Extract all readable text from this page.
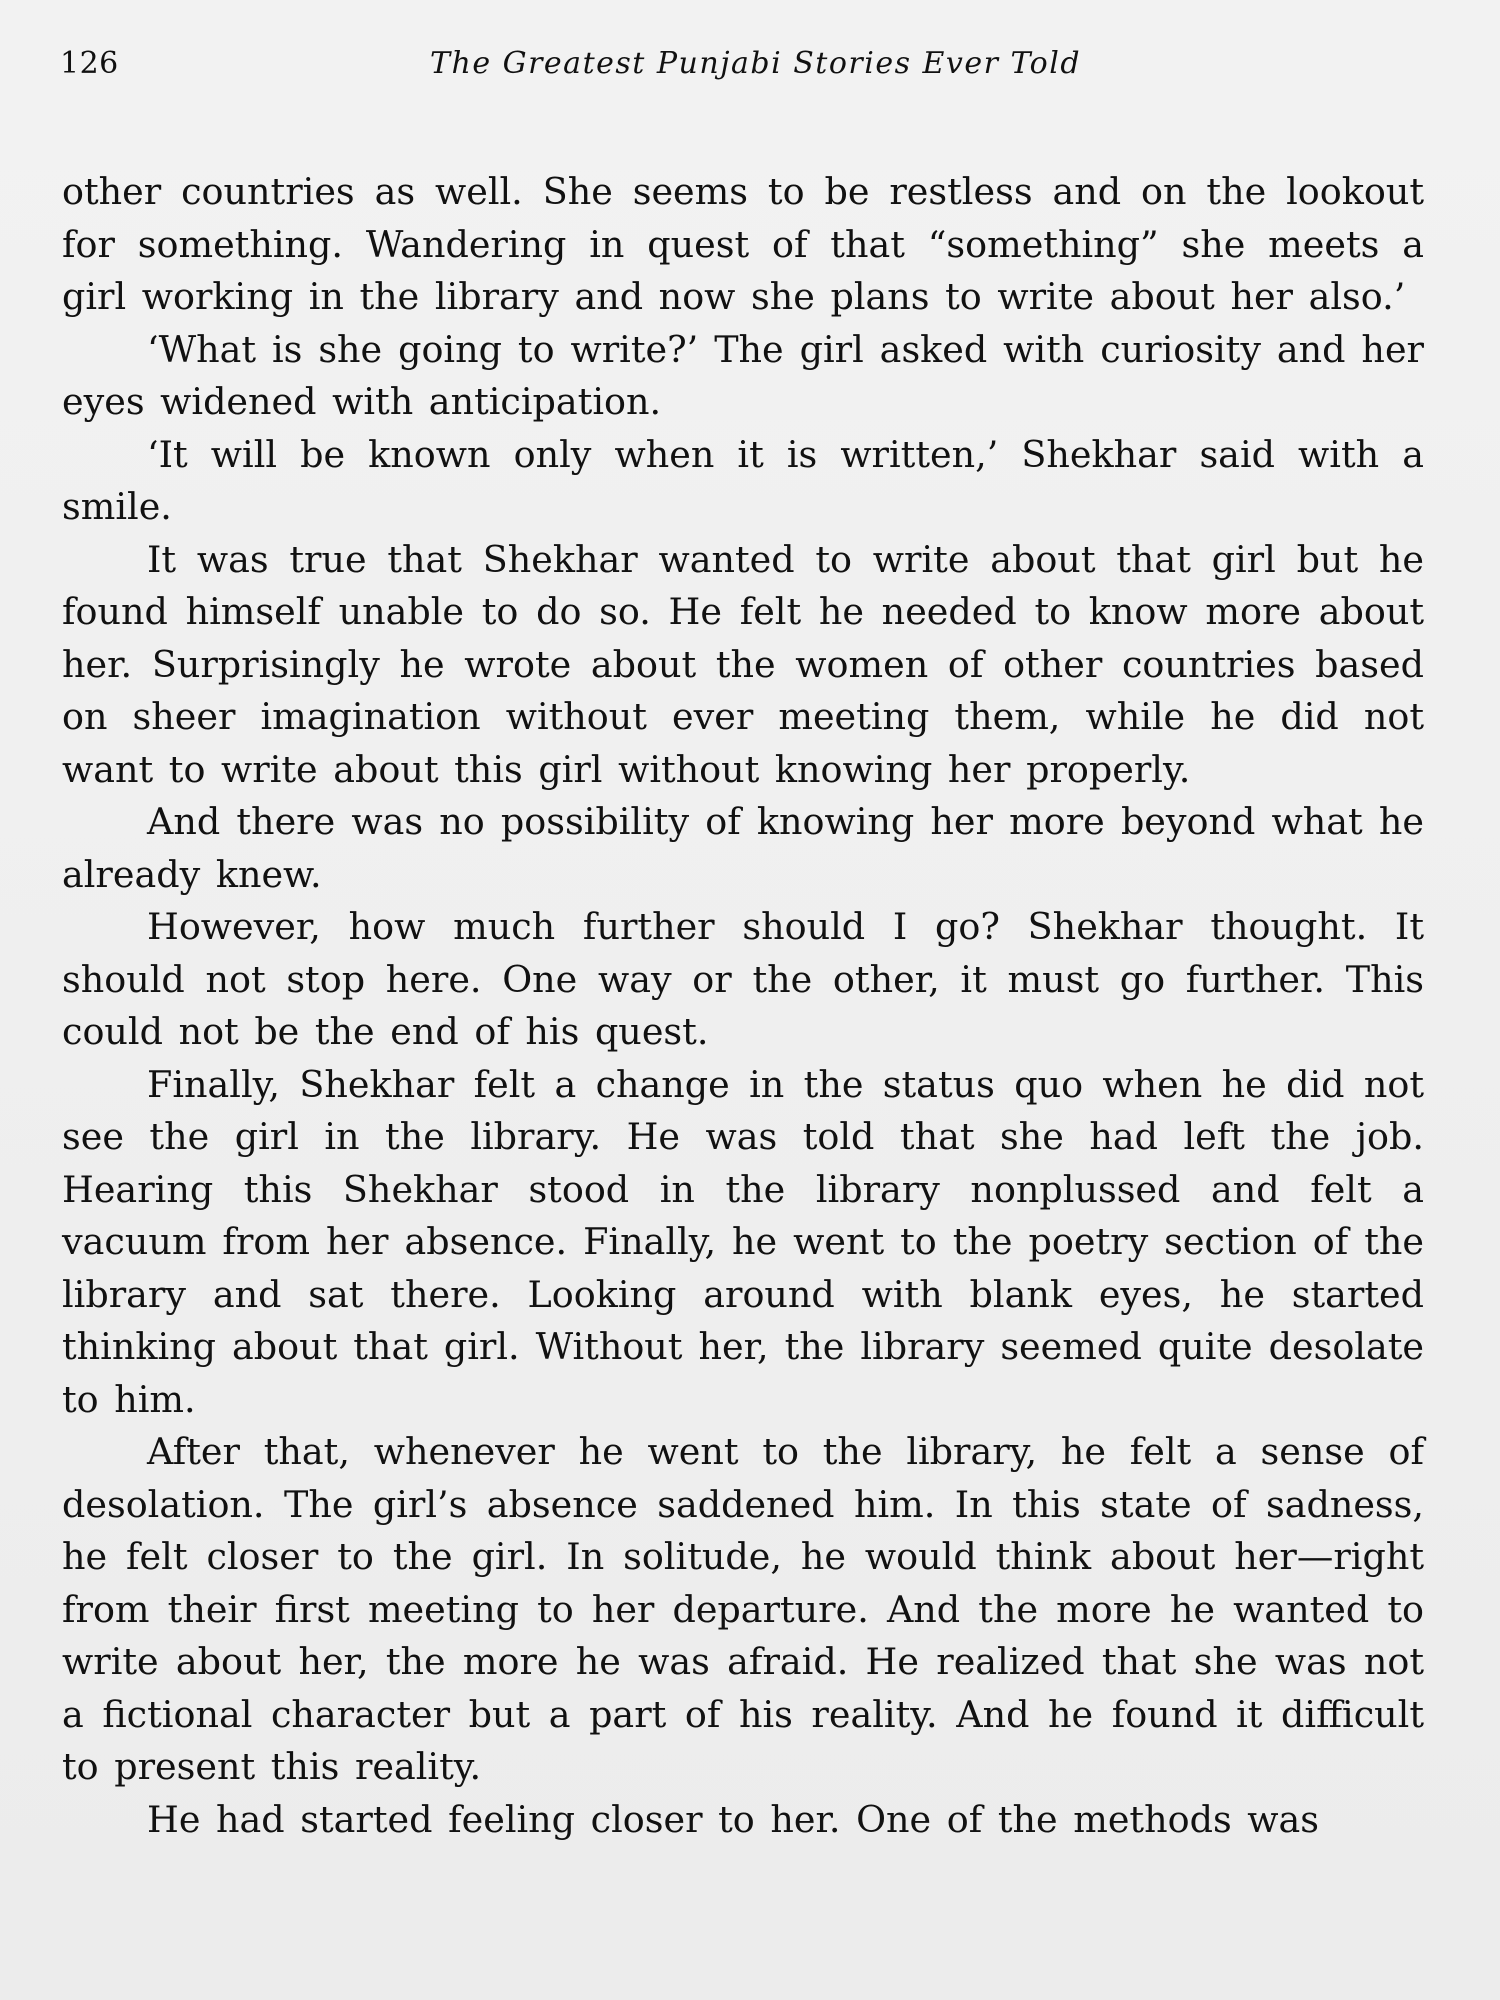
126	The Greatest Punjabi Stories Ever Told

other countries as well. She seems to be restless and on the lookout for something. Wandering in quest of that “something” she meets a girl working in the library and now she plans to write about her also.’

‘What is she going to write?’ The girl asked with curiosity and her eyes widened with anticipation.

‘It will be known only when it is written,’ Shekhar said with a smile.

It was true that Shekhar wanted to write about that girl but he found himself unable to do so. He felt he needed to know more about her. Surprisingly he wrote about the women of other countries based on sheer imagination without ever meeting them, while he did not want to write about this girl without knowing her properly.

And there was no possibility of knowing her more beyond what he already knew.

However, how much further should I go? Shekhar thought. It should not stop here. One way or the other, it must go further. This could not be the end of his quest.

Finally, Shekhar felt a change in the status quo when he did not see the girl in the library. He was told that she had left the job. Hearing this Shekhar stood in the library nonplussed and felt a vacuum from her absence. Finally, he went to the poetry section of the library and sat there. Looking around with blank eyes, he started thinking about that girl. Without her, the library seemed quite desolate to him.

After that, whenever he went to the library, he felt a sense of desolation. The girl’s absence saddened him. In this state of sadness, he felt closer to the girl. In solitude, he would think about her—right from their first meeting to her departure. And the more he wanted to write about her, the more he was afraid. He realized that she was not a fictional character but a part of his reality. And he found it difficult to present this reality.

He had started feeling closer to her. One of the methods was
